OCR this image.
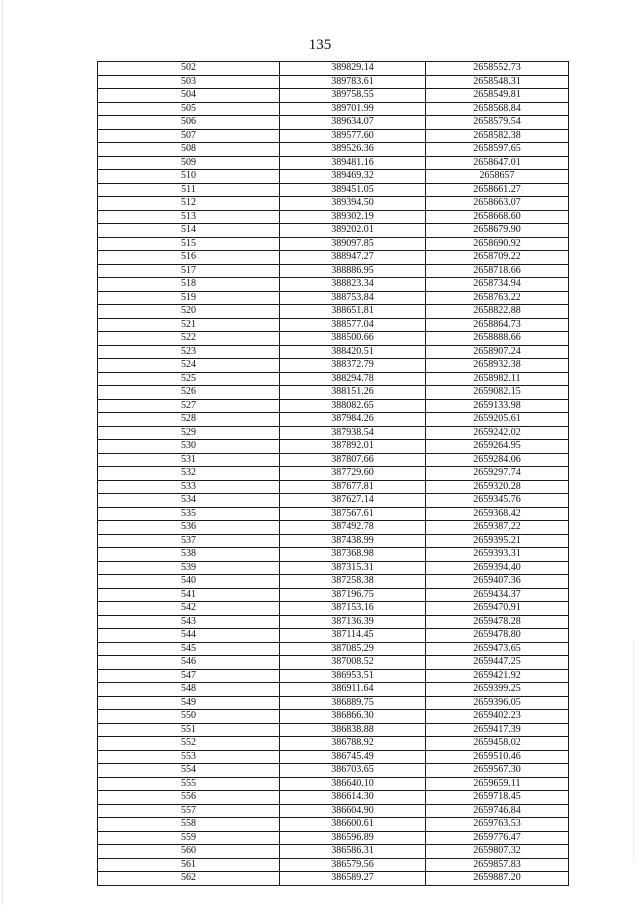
135
502	389829.14	2658552.73
503	389783.61	2658548.31
504	389758.55	2658549.81
505	389701.99	2658568.84
506	389634.07	2658579.54
507	389577.60	2658582.38
508	389526.36	2658597.65
509	389481.16	2658647.01
510	389469.32	2658657
511	389451.05	2658661.27
512	389394.50	2658663.07
513	389302.19	2658668.60
514	389202.01	2658679.90
515	389097.85	2658690.92
516	388947.27	2658709.22
517	388886.95	2658718.66
518	388823.34	2658734.94
519	388753.84	2658763.22
520	388651.81	2658822.88
521	388577.04	2658864.73
522	388500.66	2658888.66
523	388420.51	2658907.24
524	388372.79	2658932.38
525	388294.78	2658982.11
526	388151.26	2659082.15
527	388082.65	2659133.98
528	387984.26	2659205.61
529	387938.54	2659242.02
530	387892.01	2659264.95
531	387807.66	2659284.06
532	387729.60	2659297.74
533	387677.81	2659320.28
534	387627.14	2659345.76
535	387567.61	2659368.42
536	387492.78	2659387.22
537	387438.99	2659395.21
538	387368.98	2659393.31
539	387315.31	2659394.40
540	387258.38	2659407.36
541	387196.75	2659434.37
542	387153.16	2659470.91
543	387136.39	2659478.28
544	387114.45	2659478.80
545	387085.29	2659473.65
546	387008.52	2659447.25
547	386953.51	2659421.92
548	386911.64	2659399.25
549	386889.75	2659396.05
550	386866.30	2659402.23
551	386838.88	2659417.39
552	386788.92	2659458.02
553	386745.49	2659510.46
554	386703.65	2659567.30
555	386640.10	2659659.11
556	386614.30	2659718.45
557	386604.90	2659746.84
558	386600.61	2659763.53
559	386596.89	2659776.47
560	386586.31	2659807.32
561	386579.56	2659857.83
562	386589.27	2659887.20
